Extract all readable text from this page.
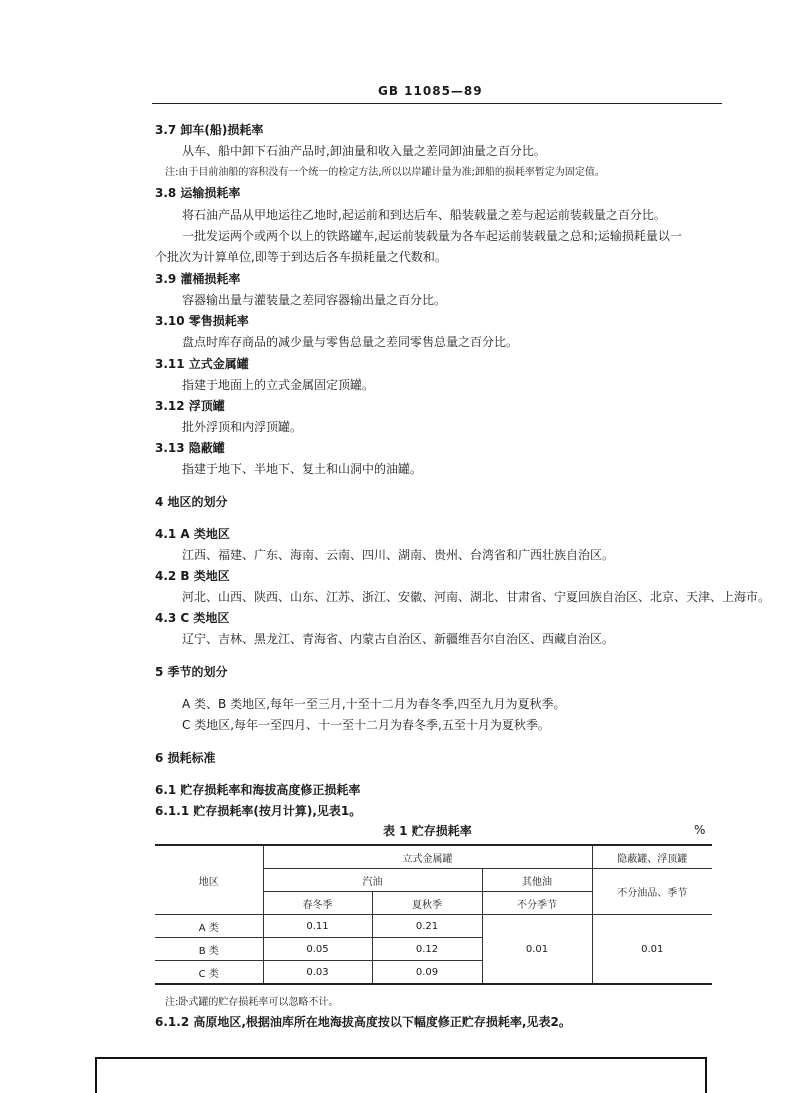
GB 11085—89
3.7 卸车(船)损耗率
从车、船中卸下石油产品时,卸油量和收入量之差同卸油量之百分比。
注:由于目前油船的容积没有一个统一的检定方法,所以以岸罐计量为准;卸船的损耗率暂定为固定值。
3.8 运输损耗率
将石油产品从甲地运往乙地时,起运前和到达后车、船装载量之差与起运前装载量之百分比。
一批发运两个或两个以上的铁路罐车,起运前装载量为各车起运前装载量之总和;运输损耗量以一
个批次为计算单位,即等于到达后各车损耗量之代数和。
3.9 灌桶损耗率
容器输出量与灌装量之差同容器输出量之百分比。
3.10 零售损耗率
盘点时库存商品的减少量与零售总量之差同零售总量之百分比。
3.11 立式金属罐
指建于地面上的立式金属固定顶罐。
3.12 浮顶罐
批外浮顶和内浮顶罐。
3.13 隐蔽罐
指建于地下、半地下、复土和山洞中的油罐。
4 地区的划分
4.1 A 类地区
江西、福建、广东、海南、云南、四川、湖南、贵州、台湾省和广西壮族自治区。
4.2 B 类地区
河北、山西、陕西、山东、江苏、浙江、安徽、河南、湖北、甘肃省、宁夏回族自治区、北京、天津、上海市。
4.3 C 类地区
辽宁、吉林、黑龙江、青海省、内蒙古自治区、新疆维吾尔自治区、西藏自治区。
5 季节的划分
A 类、B 类地区,每年一至三月,十至十二月为春冬季,四至九月为夏秋季。
C 类地区,每年一至四月、十一至十二月为春冬季,五至十月为夏秋季。
6 损耗标准
6.1 贮存损耗率和海拔高度修正损耗率
6.1.1 贮存损耗率(按月计算),见表1。
表 1 贮存损耗率	%
地区	立式金属罐			隐蔽罐、浮顶罐
	汽油		其他油	不分油品、季节
	春冬季	夏秋季	不分季节	
A 类	0.11	0.21	0.01	0.01
B 类	0.05	0.12		
C 类	0.03	0.09		
注:卧式罐的贮存损耗率可以忽略不计。
6.1.2 高原地区,根据油库所在地海拔高度按以下幅度修正贮存损耗率,见表2。
